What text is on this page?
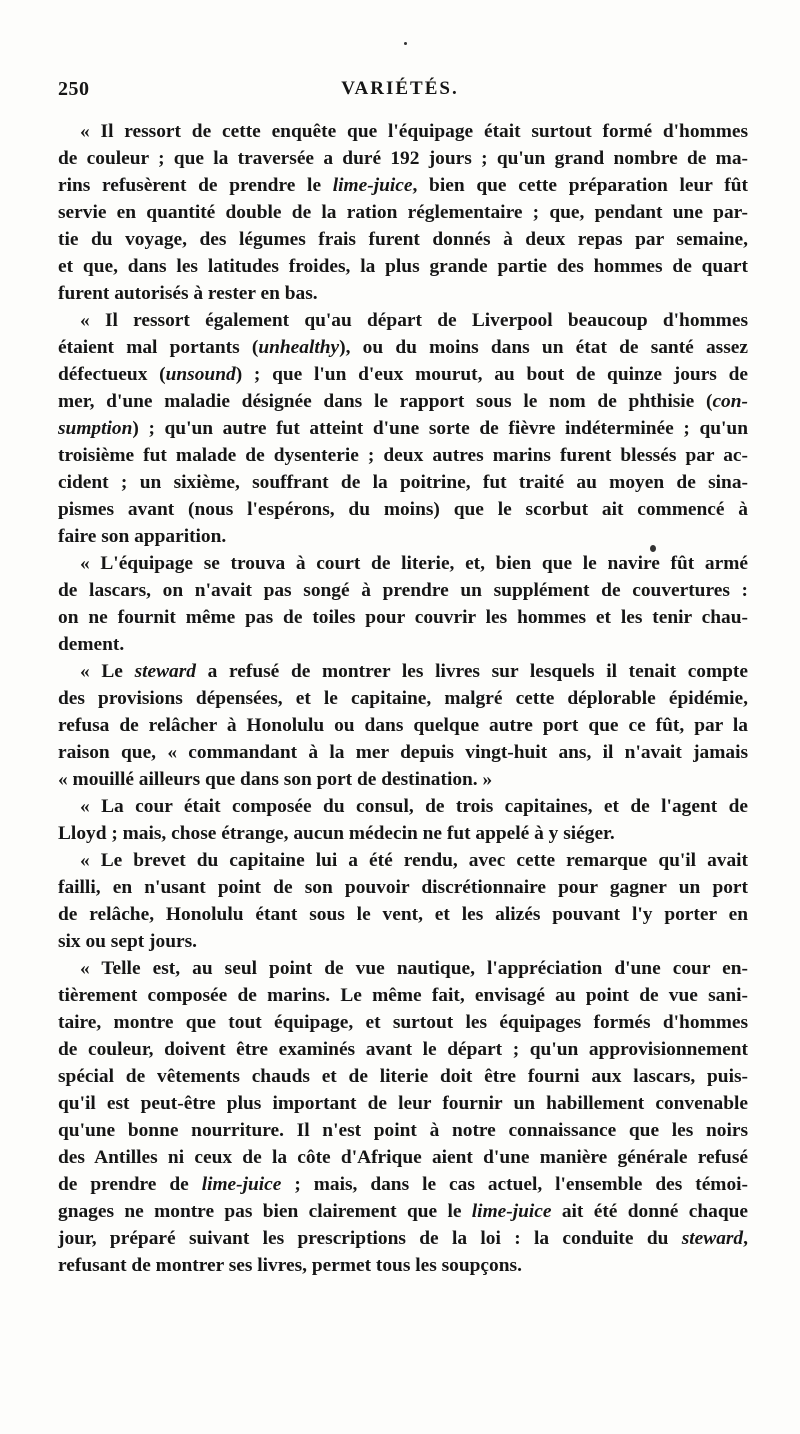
250	VARIÉTÉS.
« Il ressort de cette enquête que l'équipage était surtout formé d'hommes
de couleur ; que la traversée a duré 192 jours ; qu'un grand nombre de ma-
rins refusèrent de prendre le lime-juice, bien que cette préparation leur fût
servie en quantité double de la ration réglementaire ; que, pendant une par-
tie du voyage, des légumes frais furent donnés à deux repas par semaine,
et que, dans les latitudes froides, la plus grande partie des hommes de quart
furent autorisés à rester en bas.
« Il ressort également qu'au départ de Liverpool beaucoup d'hommes
étaient mal portants (unhealthy), ou du moins dans un état de santé assez
défectueux (unsound) ; que l'un d'eux mourut, au bout de quinze jours de
mer, d'une maladie désignée dans le rapport sous le nom de phthisie (con-
sumption) ; qu'un autre fut atteint d'une sorte de fièvre indéterminée ; qu'un
troisième fut malade de dysenterie ; deux autres marins furent blessés par ac-
cident ; un sixième, souffrant de la poitrine, fut traité au moyen de sina-
pismes avant (nous l'espérons, du moins) que le scorbut ait commencé à
faire son apparition.
« L'équipage se trouva à court de literie, et, bien que le navire fût armé
de lascars, on n'avait pas songé à prendre un supplément de couvertures :
on ne fournit même pas de toiles pour couvrir les hommes et les tenir chau-
dement.
« Le steward a refusé de montrer les livres sur lesquels il tenait compte
des provisions dépensées, et le capitaine, malgré cette déplorable épidémie,
refusa de relâcher à Honolulu ou dans quelque autre port que ce fût, par la
raison que, « commandant à la mer depuis vingt-huit ans, il n'avait jamais
« mouillé ailleurs que dans son port de destination. »
« La cour était composée du consul, de trois capitaines, et de l'agent de
Lloyd ; mais, chose étrange, aucun médecin ne fut appelé à y siéger.
« Le brevet du capitaine lui a été rendu, avec cette remarque qu'il avait
failli, en n'usant point de son pouvoir discrétionnaire pour gagner un port
de relâche, Honolulu étant sous le vent, et les alizés pouvant l'y porter en
six ou sept jours.
« Telle est, au seul point de vue nautique, l'appréciation d'une cour en-
tièrement composée de marins. Le même fait, envisagé au point de vue sani-
taire, montre que tout équipage, et surtout les équipages formés d'hommes
de couleur, doivent être examinés avant le départ ; qu'un approvisionnement
spécial de vêtements chauds et de literie doit être fourni aux lascars, puis-
qu'il est peut-être plus important de leur fournir un habillement convenable
qu'une bonne nourriture. Il n'est point à notre connaissance que les noirs
des Antilles ni ceux de la côte d'Afrique aient d'une manière générale refusé
de prendre de lime-juice ; mais, dans le cas actuel, l'ensemble des témoi-
gnages ne montre pas bien clairement que le lime-juice ait été donné chaque
jour, préparé suivant les prescriptions de la loi : la conduite du steward,
refusant de montrer ses livres, permet tous les soupçons.
